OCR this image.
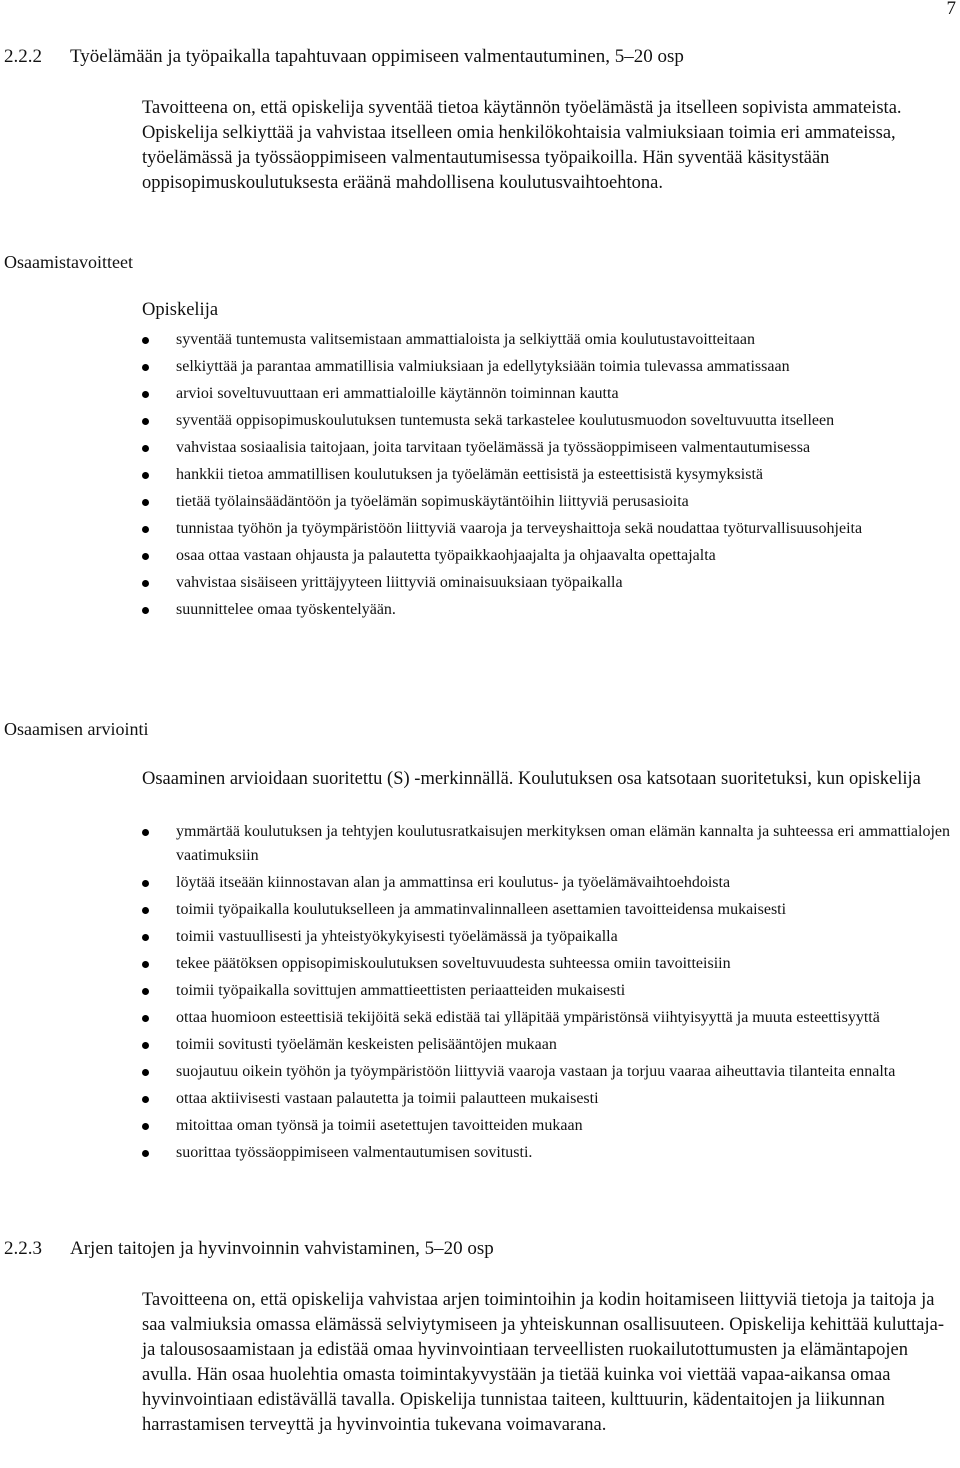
7
2.2.2 Työelämään ja työpaikalla tapahtuvaan oppimiseen valmentautuminen, 5–20 osp
Tavoitteena on, että opiskelija syventää tietoa käytännön työelämästä ja itselleen sopivista ammateista. Opiskelija selkiyttää ja vahvistaa itselleen omia henkilökohtaisia valmiuksiaan toimia eri ammateissa, työelämässä ja työssäoppimiseen valmentautumisessa työpaikoilla. Hän syventää käsitystään oppisopimuskoulutuksesta eräänä mahdollisena koulutusvaihtoehtona.
Osaamistavoitteet
Opiskelija
syventää tuntemusta valitsemistaan ammattialoista ja selkiyttää omia koulutustavoitteitaan
selkiyttää ja parantaa ammatillisia valmiuksiaan ja edellytyksiään toimia tulevassa ammatissaan
arvioi soveltuvuuttaan eri ammattialoille käytännön toiminnan kautta
syventää oppisopimuskoulutuksen tuntemusta sekä tarkastelee koulutusmuodon soveltuvuutta itselleen
vahvistaa sosiaalisia taitojaan, joita tarvitaan työelämässä ja työssäoppimiseen valmentautumisessa
hankkii tietoa ammatillisen koulutuksen ja työelämän eettisistä ja esteettisistä kysymyksistä
tietää työlainsäädäntöön ja työelämän sopimuskäytäntöihin liittyviä perusasioita
tunnistaa työhön ja työympäristöön liittyviä vaaroja ja terveyshaittoja sekä noudattaa työturvallisuusohjeita
osaa ottaa vastaan ohjausta ja palautetta työpaikkaohjaajalta ja ohjaavalta opettajalta
vahvistaa sisäiseen yrittäjyyteen liittyviä ominaisuuksiaan työpaikalla
suunnittelee omaa työskentelyään.
Osaamisen arviointi
Osaaminen arvioidaan suoritettu (S) -merkinnällä. Koulutuksen osa katsotaan suoritetuksi, kun opiskelija
ymmärtää koulutuksen ja tehtyjen koulutusratkaisujen merkityksen oman elämän kannalta ja suhteessa eri ammattialojen vaatimuksiin
löytää itseään kiinnostavan alan ja ammattinsa eri koulutus- ja työelämävaihtoehdoista
toimii työpaikalla koulutukselleen ja ammatinvalinnalleen asettamien tavoitteidensa mukaisesti
toimii vastuullisesti ja yhteistyökykyisesti työelämässä ja työpaikalla
tekee päätöksen oppisopimiskoulutuksen soveltuvuudesta suhteessa omiin tavoitteisiin
toimii työpaikalla sovittujen ammattieettisten periaatteiden mukaisesti
ottaa huomioon esteettisiä tekijöitä sekä edistää tai ylläpitää ympäristönsä viihtyisyyttä ja muuta esteettisyyttä
toimii sovitusti työelämän keskeisten pelisääntöjen mukaan
suojautuu oikein työhön ja työympäristöön liittyviä vaaroja vastaan ja torjuu vaaraa aiheuttavia tilanteita ennalta
ottaa aktiivisesti vastaan palautetta ja toimii palautteen mukaisesti
mitoittaa oman työnsä ja toimii asetettujen tavoitteiden mukaan
suorittaa työssäoppimiseen valmentautumisen sovitusti.
2.2.3 Arjen taitojen ja hyvinvoinnin vahvistaminen, 5–20 osp
Tavoitteena on, että opiskelija vahvistaa arjen toimintoihin ja kodin hoitamiseen liittyviä tietoja ja taitoja ja saa valmiuksia omassa elämässä selviytymiseen ja yhteiskunnan osallisuuteen. Opiskelija kehittää kuluttaja- ja talousosaamistaan ja edistää omaa hyvinvointiaan terveellisten ruokailutottumusten ja elämäntapojen avulla. Hän osaa huolehtia omasta toimintakyvystään ja tietää kuinka voi viettää vapaa-aikansa omaa hyvinvointiaan edistävällä tavalla. Opiskelija tunnistaa taiteen, kulttuurin, kädentaitojen ja liikunnan harrastamisen terveyttä ja hyvinvointia tukevana voimavarana.
